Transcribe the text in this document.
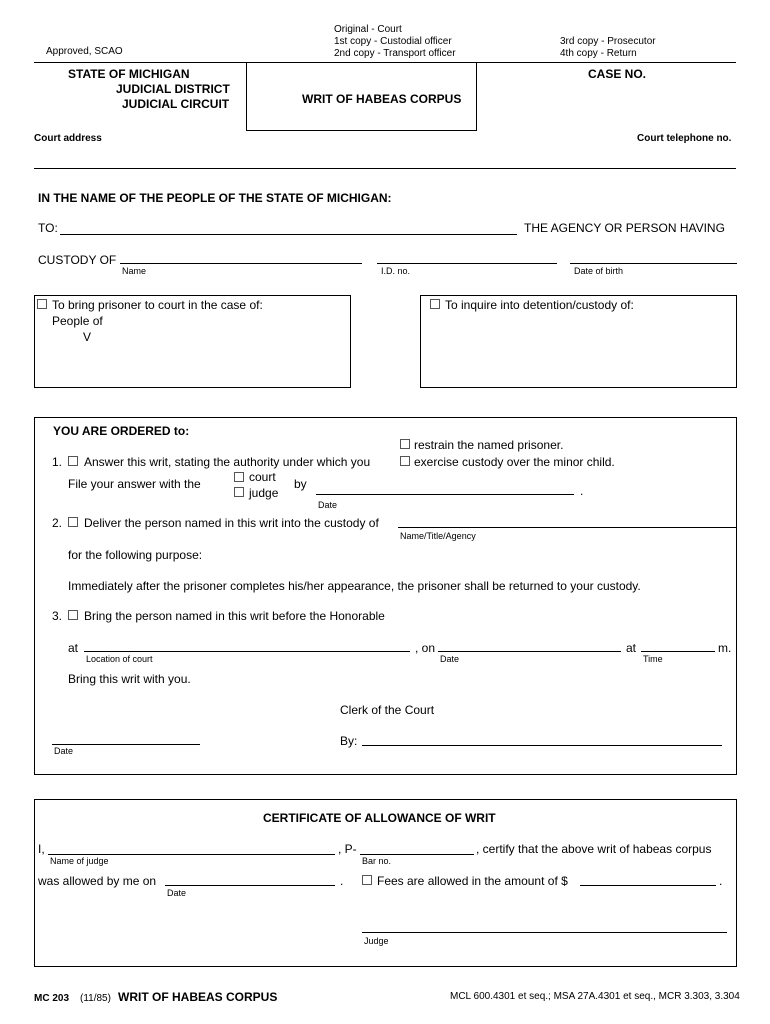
Original - Court
1st copy - Custodial officer
2nd copy - Transport officer
3rd copy - Prosecutor
4th copy - Return
Approved, SCAO
STATE OF MICHIGAN
JUDICIAL DISTRICT
JUDICIAL CIRCUIT	WRIT OF HABEAS CORPUS
CASE NO.
Court address	Court telephone no.
IN THE NAME OF THE PEOPLE OF THE STATE OF MICHIGAN:
TO:	THE AGENCY OR PERSON HAVING
CUSTODY OF
Name	I.D. no.	Date of birth
To bring prisoner to court in the case of:
People of
V
To inquire into detention/custody of:
YOU ARE ORDERED to:
restrain the named prisoner.
1. Answer this writ, stating the authority under which you	exercise custody over the minor child.
File your answer with the	court
judge
by	.
Date
2. Deliver the person named in this writ into the custody of
Name/Title/Agency
for the following purpose:
Immediately after the prisoner completes his/her appearance, the prisoner shall be returned to your custody.
3. Bring the person named in this writ before the Honorable
at	, on	at	m.
Location of court	Date	Time
Bring this writ with you.
Clerk of the Court
By:
Date
CERTIFICATE OF ALLOWANCE OF WRIT
I,	, P-	, certify that the above writ of habeas corpus
Name of judge	Bar no.
was allowed by me on	.	Fees are allowed in the amount of $	.
Date
Judge
MC 203 (11/85) WRIT OF HABEAS CORPUS	MCL 600.4301 et seq.; MSA 27A.4301 et seq., MCR 3.303, 3.304
